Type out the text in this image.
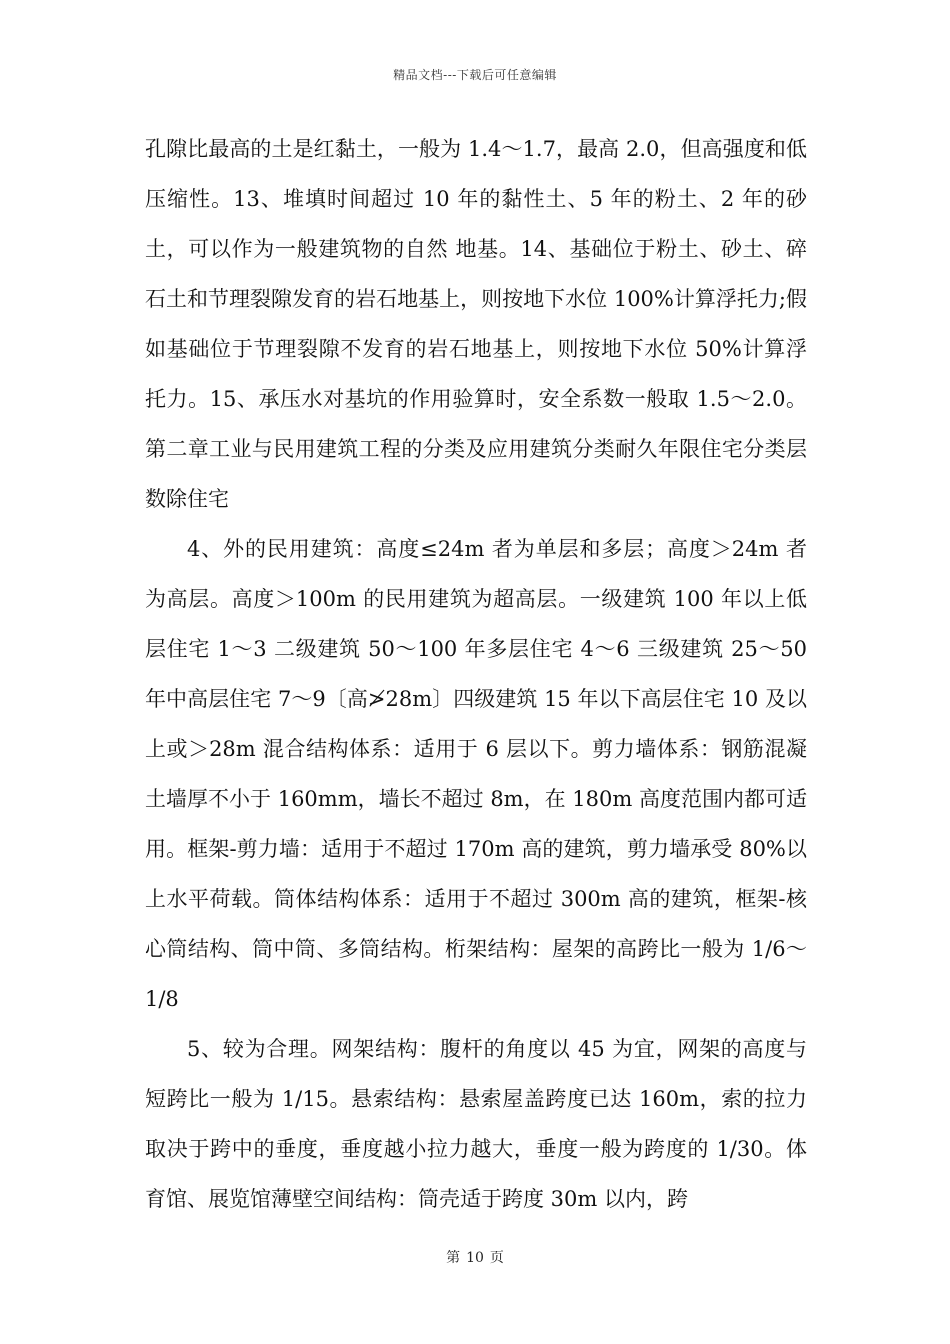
精品文档---下载后可任意编辑

孔隙比最高的土是红黏土，一般为 1.4～1.7，最高 2.0，但高强度和低压缩性。13、堆填时间超过 10 年的黏性土、5 年的粉土、2 年的砂土，可以作为一般建筑物的自然 地基。14、基础位于粉土、砂土、碎石土和节理裂隙发育的岩石地基上，则按地下水位 100%计算浮托力;假如基础位于节理裂隙不发育的岩石地基上，则按地下水位 50%计算浮托力。15、承压水对基坑的作用验算时，安全系数一般取 1.5～2.0。第二章工业与民用建筑工程的分类及应用建筑分类耐久年限住宅分类层数除住宅

4、外的民用建筑：高度≤24m 者为单层和多层；高度＞24m 者为高层。高度＞100m 的民用建筑为超高层。一级建筑 100 年以上低层住宅 1～3 二级建筑 50～100 年多层住宅 4～6 三级建筑 25～50 年中高层住宅 7～9〔高≯28m〕四级建筑 15 年以下高层住宅 10 及以上或＞28m 混合结构体系：适用于 6 层以下。剪力墙体系：钢筋混凝土墙厚不小于 160mm，墙长不超过 8m，在 180m 高度范围内都可适用。框架-剪力墙：适用于不超过 170m 高的建筑，剪力墙承受 80%以上水平荷载。筒体结构体系：适用于不超过 300m 高的建筑，框架-核心筒结构、筒中筒、多筒结构。桁架结构：屋架的高跨比一般为 1/6～1/8

5、较为合理。网架结构：腹杆的角度以 45 为宜，网架的高度与短跨比一般为 1/15。悬索结构：悬索屋盖跨度已达 160m，索的拉力取决于跨中的垂度，垂度越小拉力越大，垂度一般为跨度的 1/30。体育馆、展览馆薄壁空间结构：筒壳适于跨度 30m 以内，跨

第 10 页
